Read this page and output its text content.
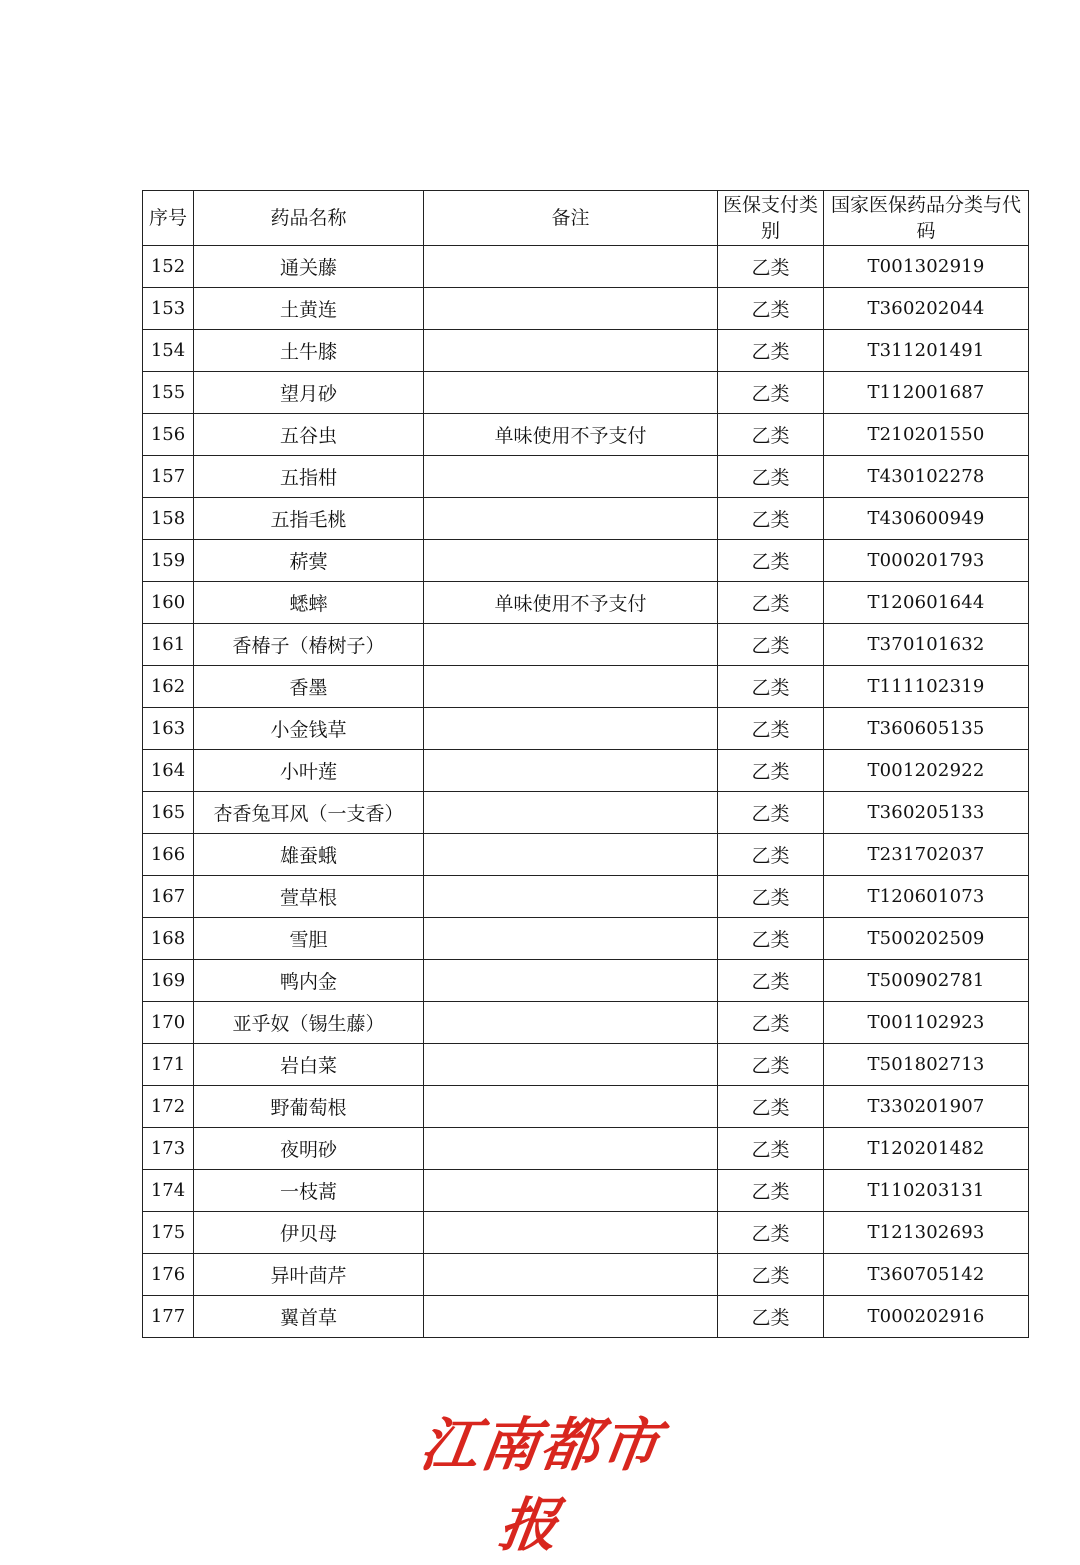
序号	药品名称	备注	医保支付类别	国家医保药品分类与代码
152	通关藤		乙类	T001302919
153	土黄连		乙类	T360202044
154	土牛膝		乙类	T311201491
155	望月砂		乙类	T112001687
156	五谷虫	单味使用不予支付	乙类	T210201550
157	五指柑		乙类	T430102278
158	五指毛桃		乙类	T430600949
159	菥蓂		乙类	T000201793
160	蟋蟀	单味使用不予支付	乙类	T120601644
161	香椿子（椿树子）		乙类	T370101632
162	香墨		乙类	T111102319
163	小金钱草		乙类	T360605135
164	小叶莲		乙类	T001202922
165	杏香兔耳风（一支香）		乙类	T360205133
166	雄蚕蛾		乙类	T231702037
167	萱草根		乙类	T120601073
168	雪胆		乙类	T500202509
169	鸭内金		乙类	T500902781
170	亚乎奴（锡生藤）		乙类	T001102923
171	岩白菜		乙类	T501802713
172	野葡萄根		乙类	T330201907
173	夜明砂		乙类	T120201482
174	一枝蒿		乙类	T110203131
175	伊贝母		乙类	T121302693
176	异叶茴芹		乙类	T360705142
177	翼首草		乙类	T000202916
江南都市报
